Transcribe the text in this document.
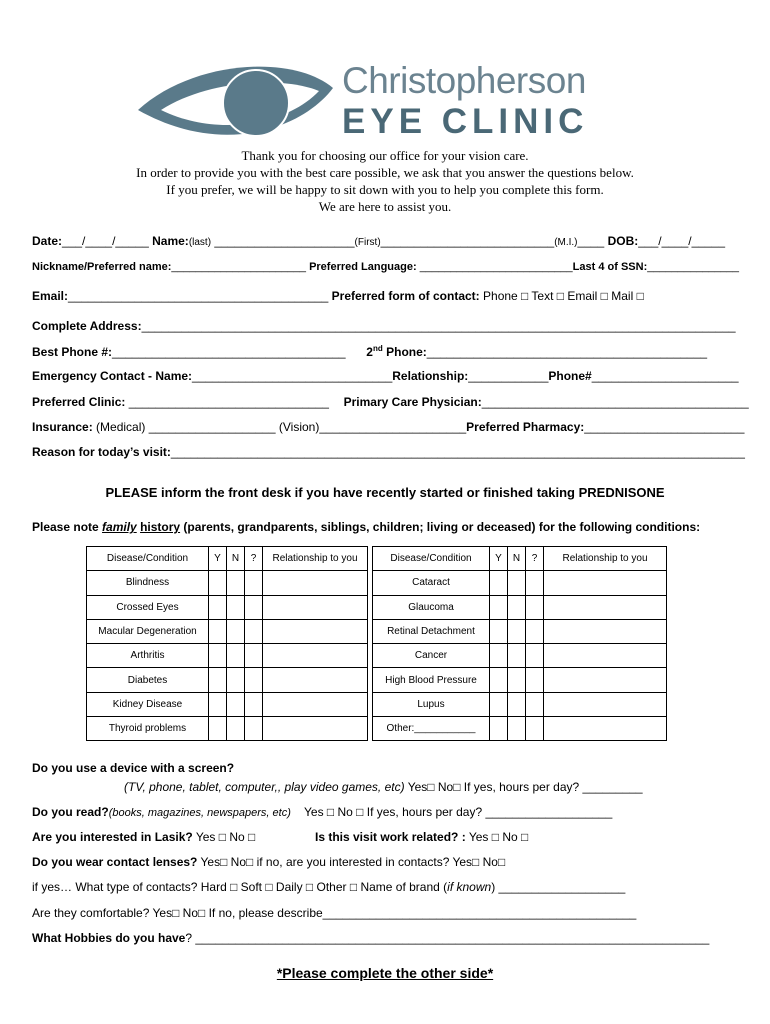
Christopherson
EYE CLINIC
Thank you for choosing our office for your vision care.
In order to provide you with the best care possible, we ask that you answer the questions below.
If you prefer, we will be happy to sit down with you to help you complete this form.
We are here to assist you.
Date:___/____/_____ Name:(last) _____________________(First)__________________________(M.I.)____ DOB:___/____/_____
Nickname/Preferred name:______________________ Preferred Language: _________________________Last 4 of SSN:_______________
Email:_______________________________________ Preferred form of contact: Phone □ Text □ Email □ Mail □
Complete Address:_________________________________________________________________________________________
Best Phone #:___________________________________ 2nd Phone:__________________________________________
Emergency Contact - Name:______________________________Relationship:____________Phone#______________________
Preferred Clinic: ______________________________ Primary Care Physician:________________________________________
Insurance: (Medical) ___________________ (Vision)______________________Preferred Pharmacy:________________________
Reason for today’s visit:______________________________________________________________________________________
PLEASE inform the front desk if you have recently started or finished taking PREDNISONE
Please note family history (parents, grandparents, siblings, children; living or deceased) for the following conditions:
Disease/Condition	Y	N	?	Relationship to you		Disease/Condition	Y	N	?	Relationship to you
Blindness						Cataract				
Crossed Eyes						Glaucoma				
Macular Degeneration						Retinal Detachment				
Arthritis						Cancer				
Diabetes						High Blood Pressure				
Kidney Disease						Lupus				
Thyroid problems						Other:___________				
Do you use a device with a screen?
(TV, phone, tablet, computer,, play video games, etc) Yes□ No□ If yes, hours per day? _________
Do you read?(books, magazines, newspapers, etc) Yes □ No □ If yes, hours per day? ___________________
Are you interested in Lasik? Yes □ No □	Is this visit work related? : Yes □ No □
Do you wear contact lenses? Yes□ No□ if no, are you interested in contacts? Yes□ No□
if yes… What type of contacts? Hard □ Soft □ Daily □ Other □ Name of brand (if known) ___________________
Are they comfortable? Yes□ No□ If no, please describe_______________________________________________
What Hobbies do you have? _____________________________________________________________________________
*Please complete the other side*
